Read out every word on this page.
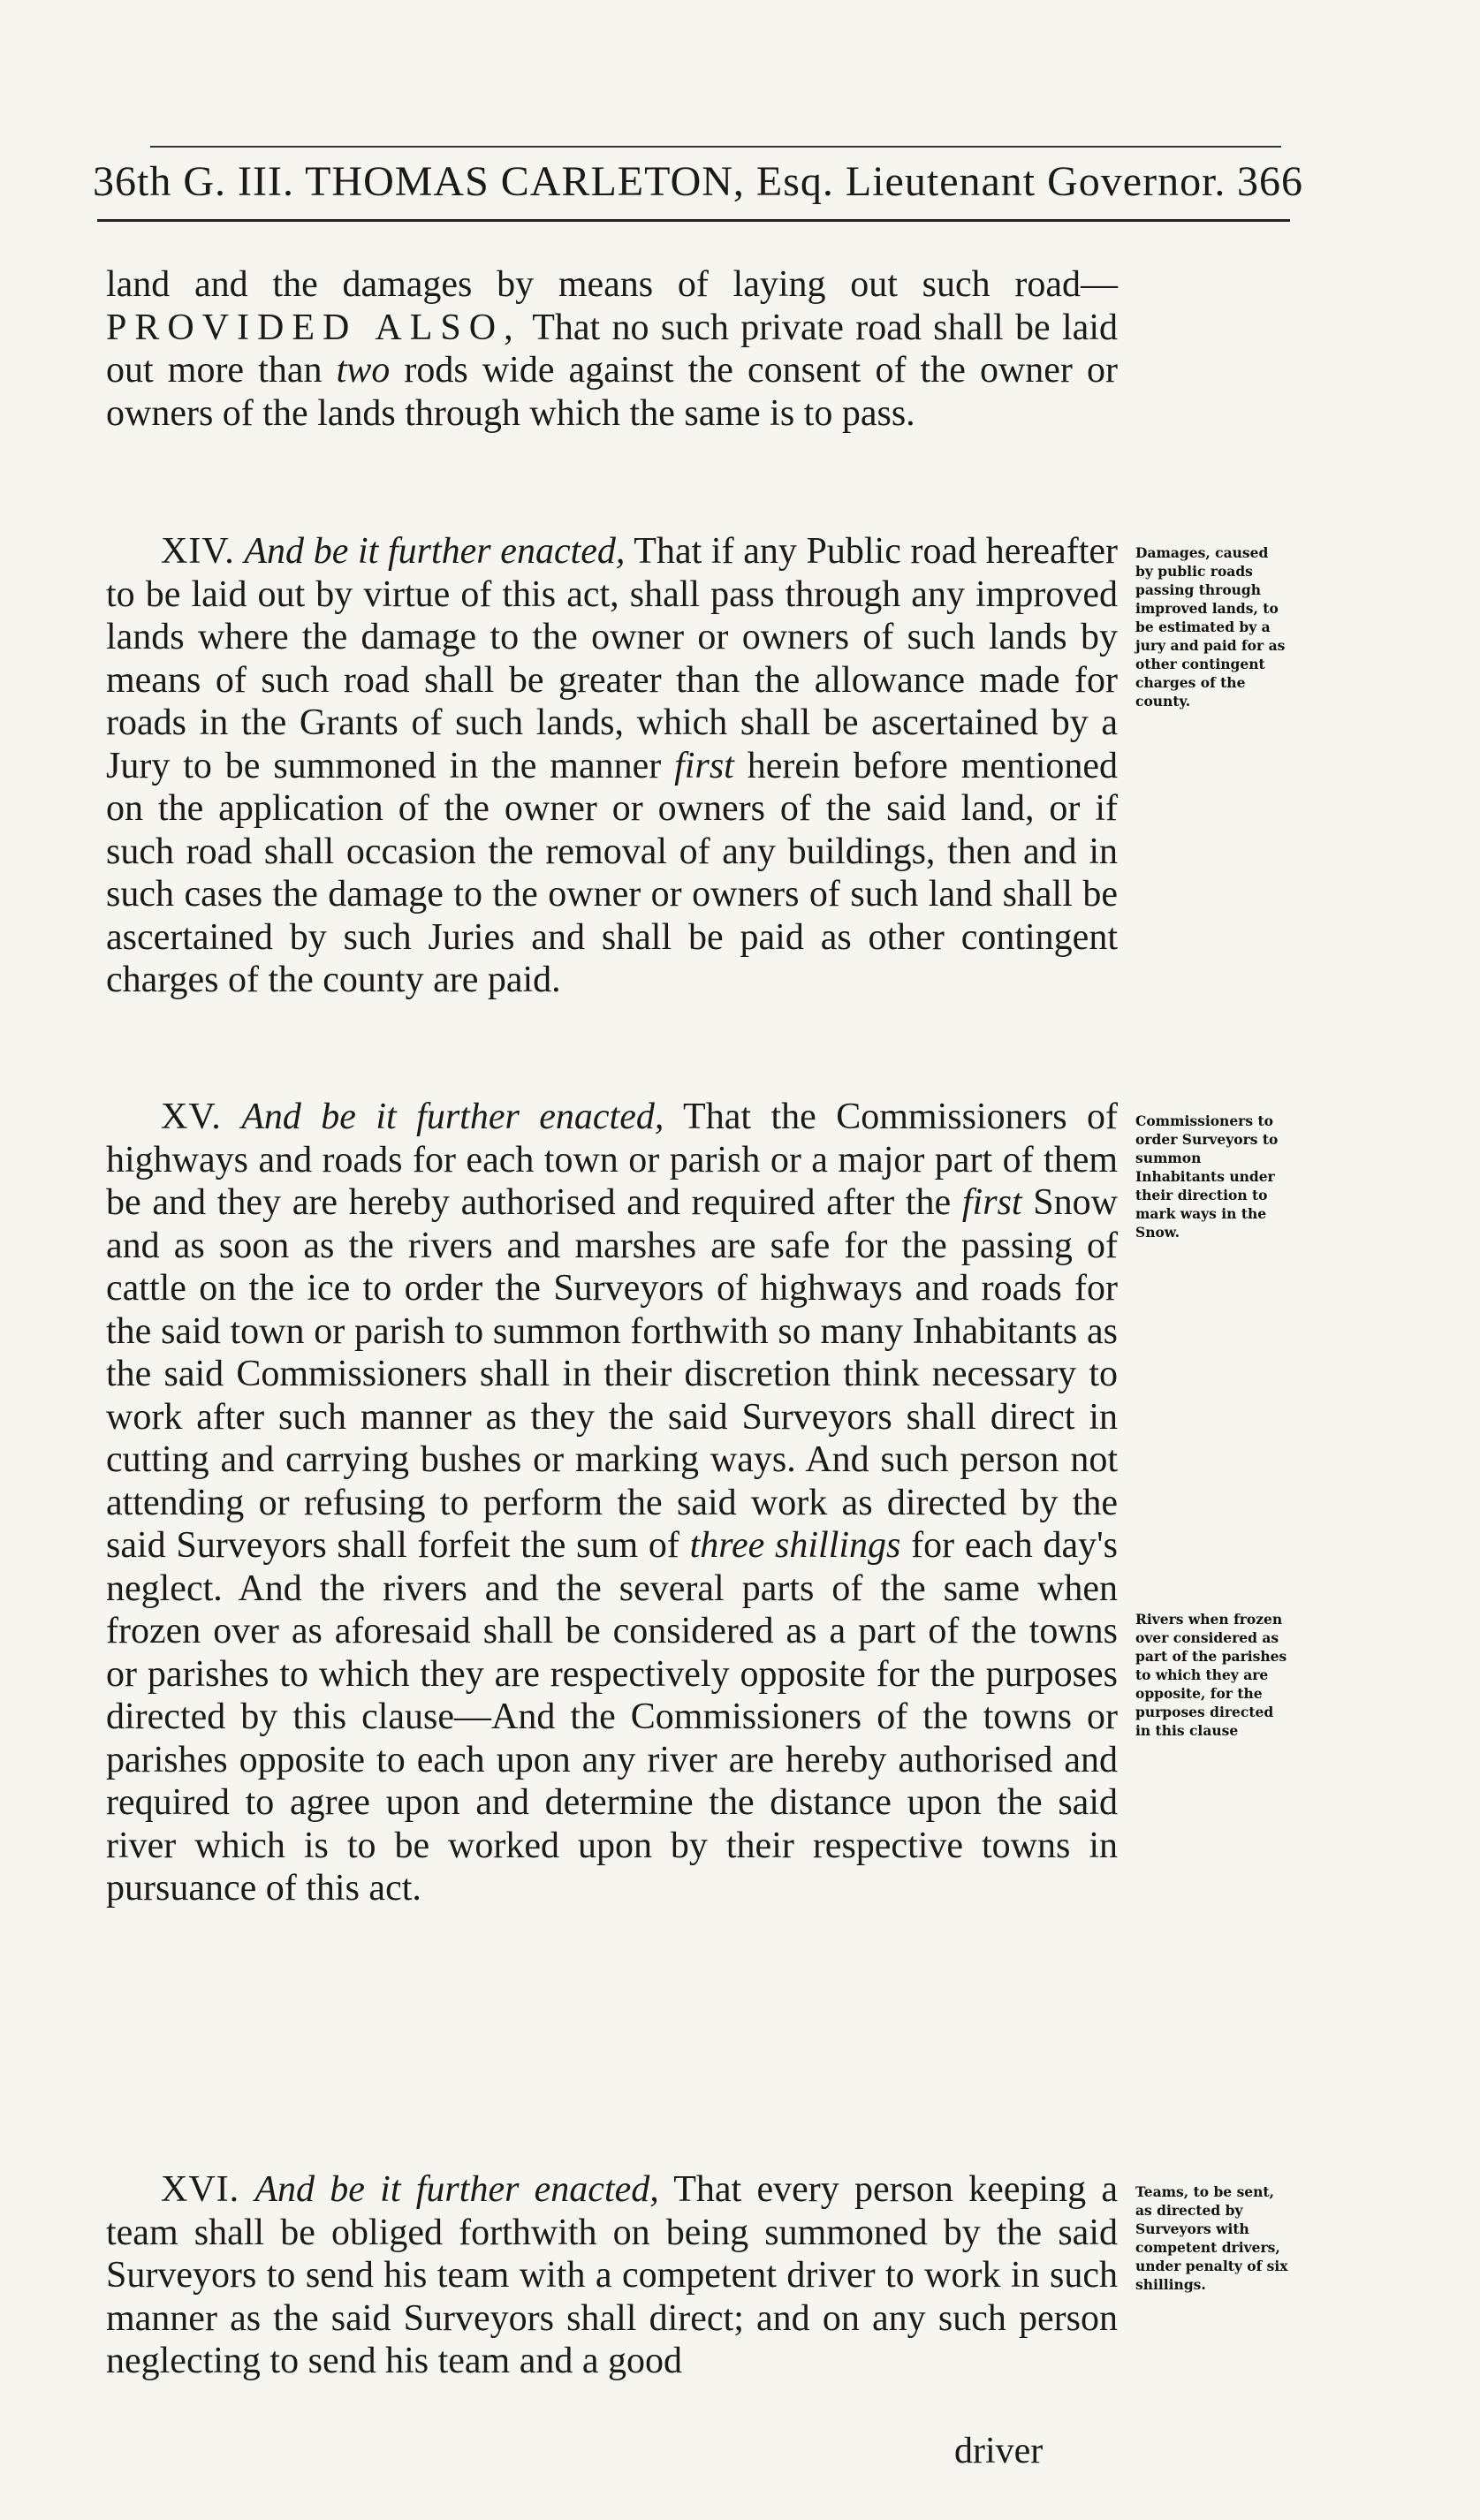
36th G. III. THOMAS CARLETON, Esq. Lieutenant Governor. 366

land and the damages by means of laying out such road— PROVIDED ALSO, That no such private road shall be laid out more than two rods wide against the consent of the owner or owners of the lands through which the same is to pass.

XIV. And be it further enacted, That if any Public road hereafter to be laid out by virtue of this act, shall pass through any improved lands where the damage to the owner or owners of such lands by means of such road shall be greater than the allowance made for roads in the Grants of such lands, which shall be ascertained by a Jury to be summoned in the manner first herein before mentioned on the application of the owner or owners of the said land, or if such road shall occasion the removal of any buildings, then and in such cases the damage to the owner or owners of such land shall be ascertained by such Juries and shall be paid as other contingent charges of the county are paid.

Damages, caused by public roads passing through improved lands, to be estimated by a jury and paid for as other contingent charges of the county.

XV. And be it further enacted, That the Commissioners of highways and roads for each town or parish or a major part of them be and they are hereby authorised and required after the first Snow and as soon as the rivers and marshes are safe for the passing of cattle on the ice to order the Surveyors of highways and roads for the said town or parish to summon forthwith so many Inhabitants as the said Commissioners shall in their discretion think necessary to work after such manner as they the said Surveyors shall direct in cutting and carrying bushes or marking ways. And such person not attending or refusing to perform the said work as directed by the said Surveyors shall forfeit the sum of three shillings for each day's neglect. And the rivers and the several parts of the same when frozen over as aforesaid shall be considered as a part of the towns or parishes to which they are respectively opposite for the purposes directed by this clause—And the Commissioners of the towns or parishes opposite to each upon any river are hereby authorised and required to agree upon and determine the distance upon the said river which is to be worked upon by their respective towns in pursuance of this act.

Commissioners to order Surveyors to summon Inhabitants under their direction to mark ways in the Snow.
Rivers when frozen over considered as part of the parishes to which they are opposite, for the purposes directed in this clause

XVI. And be it further enacted, That every person keeping a team shall be obliged forthwith on being summoned by the said Surveyors to send his team with a competent driver to work in such manner as the said Surveyors shall direct; and on any such person neglecting to send his team and a good

Teams, to be sent, as directed by Surveyors with competent drivers, under penalty of six shillings.
driver
